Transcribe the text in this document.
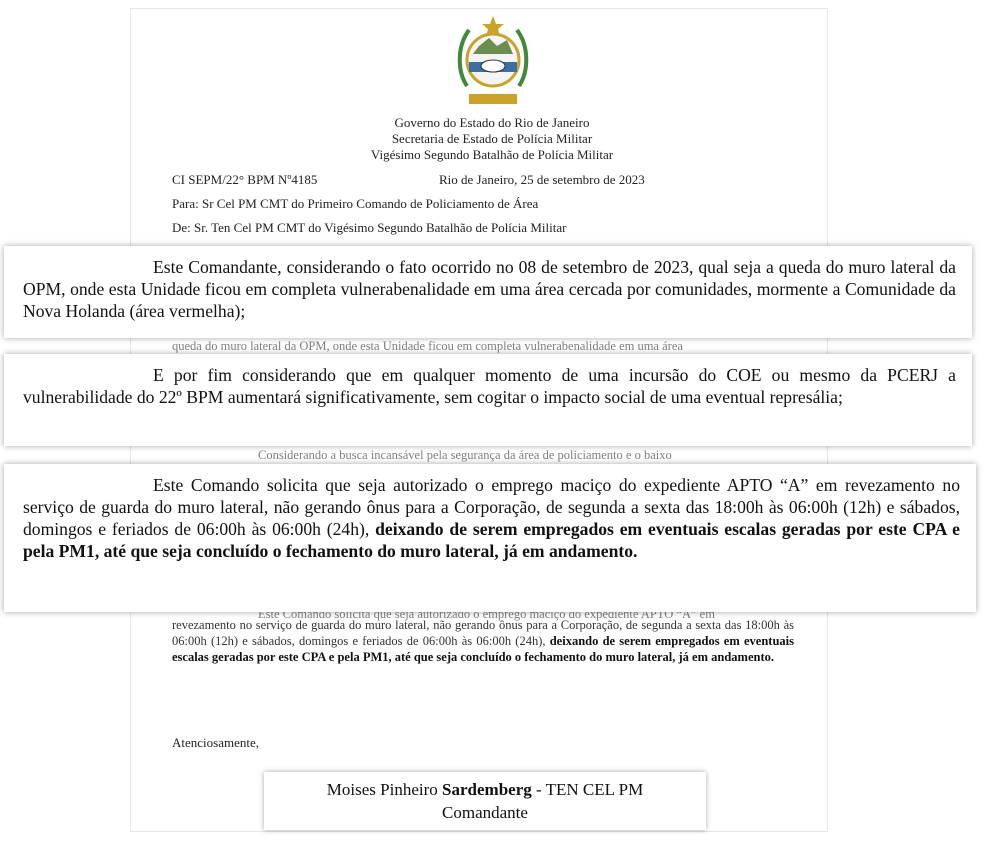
Governo do Estado do Rio de Janeiro
Secretaria de Estado de Polícia Militar
Vigésimo Segundo Batalhão de Polícia Militar
CI SEPM/22° BPM Nº4185	Rio de Janeiro, 25 de setembro de 2023
Para: Sr Cel PM CMT do Primeiro Comando de Policiamento de Área
De: Sr. Ten Cel PM CMT do Vigésimo Segundo Batalhão de Polícia Militar
queda do muro lateral da OPM, onde esta Unidade ficou em completa vulnerabenalidade em uma área
Considerando a busca incansável pela segurança da área de policiamento e o baixo
revezamento no serviço de guarda do muro lateral, não gerando ônus para a Corporação, de segunda a sexta das 18:00h às 06:00h (12h) e sábados, domingos e feriados de 06:00h às 06:00h (24h), deixando de serem empregados em eventuais escalas geradas por este CPA e pela PM1, até que seja concluído o fechamento do muro lateral, já em andamento.
Atenciosamente,

Este Comandante, considerando o fato ocorrido no 08 de setembro de 2023, qual seja a queda do muro lateral da OPM, onde esta Unidade ficou em completa vulnerabenalidade em uma área cercada por comunidades, mormente a Comunidade da Nova Holanda (área vermelha);

E por fim considerando que em qualquer momento de uma incursão do COE ou mesmo da PCERJ a vulnerabilidade do 22º BPM aumentará significativamente, sem cogitar o impacto social de uma eventual represália;

Este Comando solicita que seja autorizado o emprego maciço do expediente APTO “A” em revezamento no serviço de guarda do muro lateral, não gerando ônus para a Corporação, de segunda a sexta das 18:00h às 06:00h (12h) e sábados, domingos e feriados de 06:00h às 06:00h (24h), deixando de serem empregados em eventuais escalas geradas por este CPA e pela PM1, até que seja concluído o fechamento do muro lateral, já em andamento.

Moises Pinheiro Sardemberg - TEN CEL PM
Comandante
